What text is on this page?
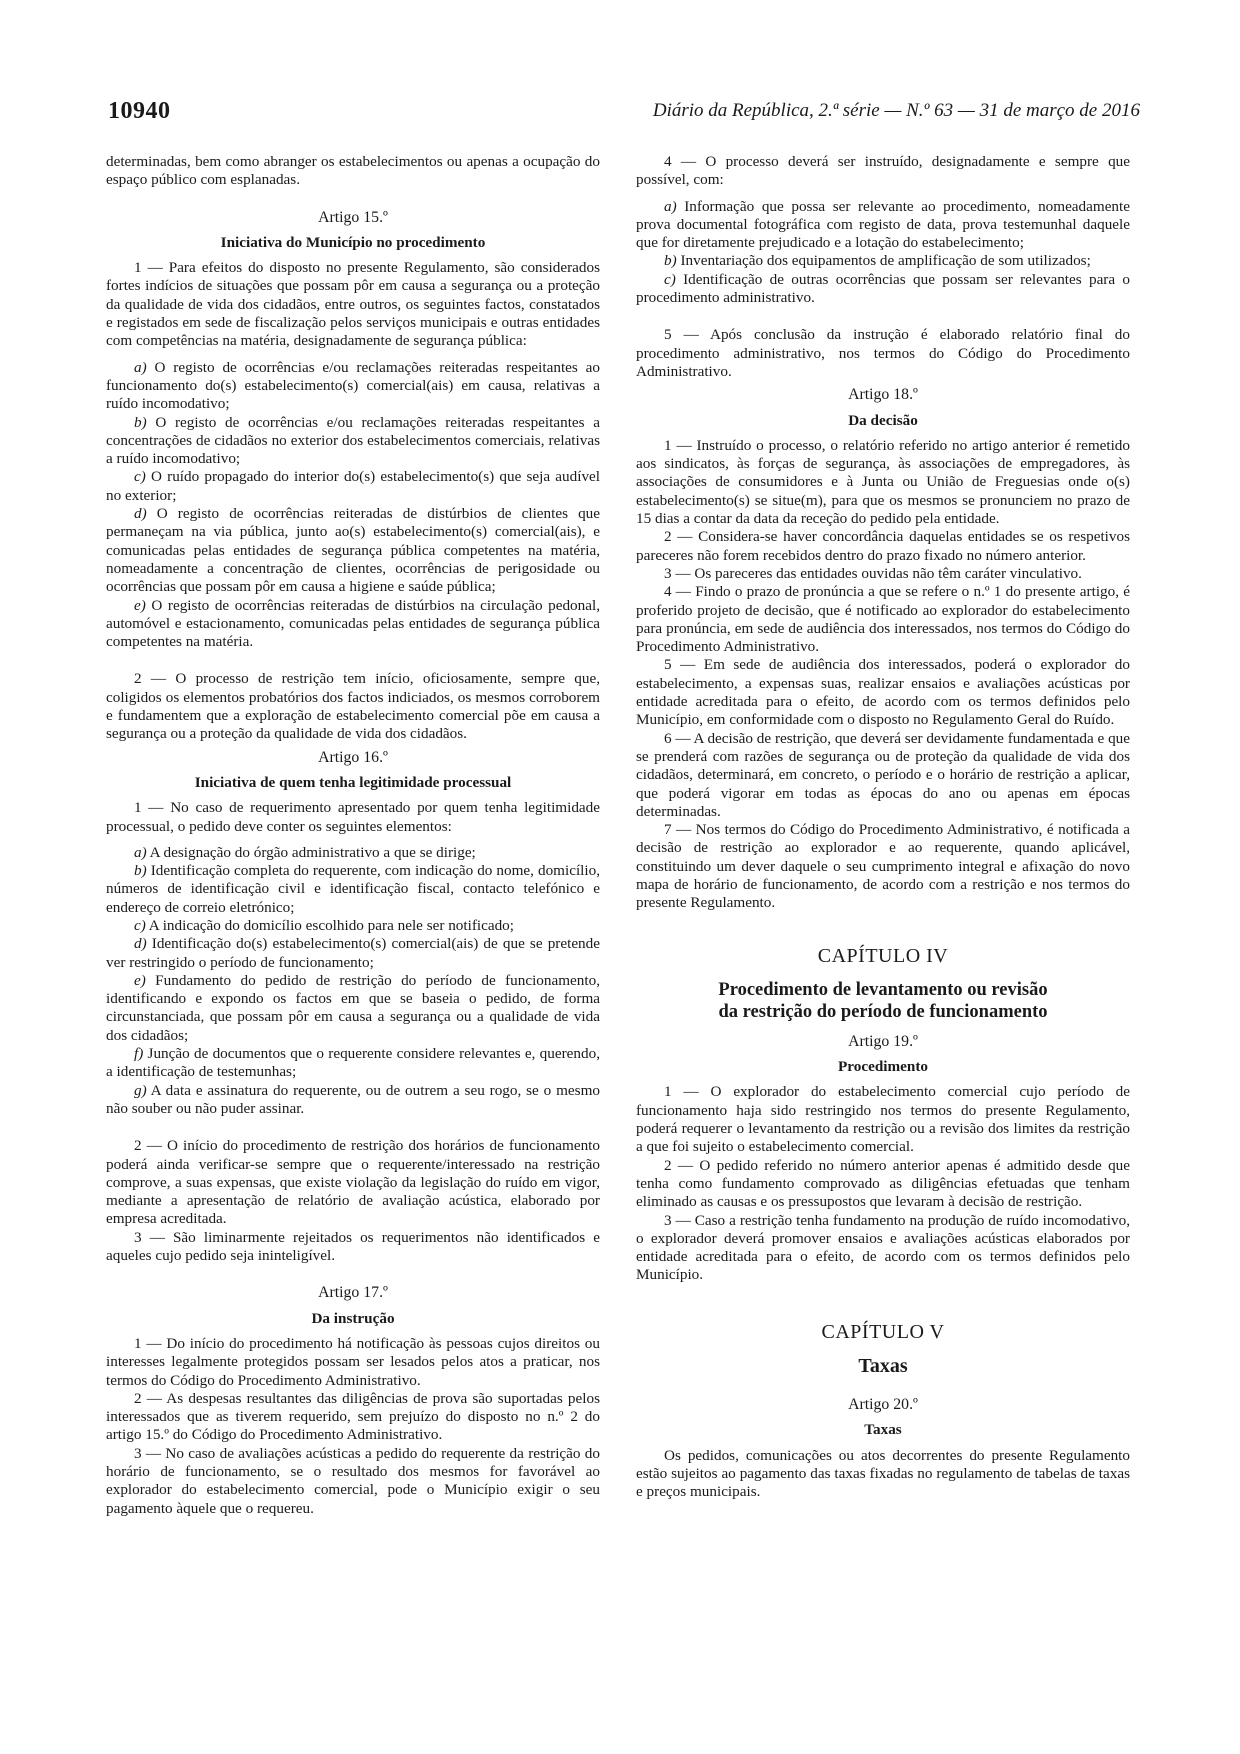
10940	Diário da República, 2.ª série — N.º 63 — 31 de março de 2016

determinadas, bem como abranger os estabelecimentos ou apenas a ocupação do espaço público com esplanadas.

Artigo 15.º

Iniciativa do Município no procedimento

1 — Para efeitos do disposto no presente Regulamento, são considerados fortes indícios de situações que possam pôr em causa a segurança ou a proteção da qualidade de vida dos cidadãos, entre outros, os seguintes factos, constatados e registados em sede de fiscalização pelos serviços municipais e outras entidades com competências na matéria, designadamente de segurança pública:

a) O registo de ocorrências e/ou reclamações reiteradas respeitantes ao funcionamento do(s) estabelecimento(s) comercial(ais) em causa, relativas a ruído incomodativo;

b) O registo de ocorrências e/ou reclamações reiteradas respeitantes a concentrações de cidadãos no exterior dos estabelecimentos comerciais, relativas a ruído incomodativo;

c) O ruído propagado do interior do(s) estabelecimento(s) que seja audível no exterior;

d) O registo de ocorrências reiteradas de distúrbios de clientes que permaneçam na via pública, junto ao(s) estabelecimento(s) comercial(ais), e comunicadas pelas entidades de segurança pública competentes na matéria, nomeadamente a concentração de clientes, ocorrências de perigosidade ou ocorrências que possam pôr em causa a higiene e saúde pública;

e) O registo de ocorrências reiteradas de distúrbios na circulação pedonal, automóvel e estacionamento, comunicadas pelas entidades de segurança pública competentes na matéria.

2 — O processo de restrição tem início, oficiosamente, sempre que, coligidos os elementos probatórios dos factos indiciados, os mesmos corroborem e fundamentem que a exploração de estabelecimento comercial põe em causa a segurança ou a proteção da qualidade de vida dos cidadãos.

Artigo 16.º

Iniciativa de quem tenha legitimidade processual

1 — No caso de requerimento apresentado por quem tenha legitimidade processual, o pedido deve conter os seguintes elementos:

a) A designação do órgão administrativo a que se dirige;

b) Identificação completa do requerente, com indicação do nome, domicílio, números de identificação civil e identificação fiscal, contacto telefónico e endereço de correio eletrónico;

c) A indicação do domicílio escolhido para nele ser notificado;

d) Identificação do(s) estabelecimento(s) comercial(ais) de que se pretende ver restringido o período de funcionamento;

e) Fundamento do pedido de restrição do período de funcionamento, identificando e expondo os factos em que se baseia o pedido, de forma circunstanciada, que possam pôr em causa a segurança ou a qualidade de vida dos cidadãos;

f) Junção de documentos que o requerente considere relevantes e, querendo, a identificação de testemunhas;

g) A data e assinatura do requerente, ou de outrem a seu rogo, se o mesmo não souber ou não puder assinar.

2 — O início do procedimento de restrição dos horários de funcionamento poderá ainda verificar-se sempre que o requerente/interessado na restrição comprove, a suas expensas, que existe violação da legislação do ruído em vigor, mediante a apresentação de relatório de avaliação acústica, elaborado por empresa acreditada.

3 — São liminarmente rejeitados os requerimentos não identificados e aqueles cujo pedido seja ininteligível.

Artigo 17.º

Da instrução

1 — Do início do procedimento há notificação às pessoas cujos direitos ou interesses legalmente protegidos possam ser lesados pelos atos a praticar, nos termos do Código do Procedimento Administrativo.

2 — As despesas resultantes das diligências de prova são suportadas pelos interessados que as tiverem requerido, sem prejuízo do disposto no n.º 2 do artigo 15.º do Código do Procedimento Administrativo.

3 — No caso de avaliações acústicas a pedido do requerente da restrição do horário de funcionamento, se o resultado dos mesmos for favorável ao explorador do estabelecimento comercial, pode o Município exigir o seu pagamento àquele que o requereu.

4 — O processo deverá ser instruído, designadamente e sempre que possível, com:

a) Informação que possa ser relevante ao procedimento, nomeadamente prova documental fotográfica com registo de data, prova testemunhal daquele que for diretamente prejudicado e a lotação do estabelecimento;

b) Inventariação dos equipamentos de amplificação de som utilizados;

c) Identificação de outras ocorrências que possam ser relevantes para o procedimento administrativo.

5 — Após conclusão da instrução é elaborado relatório final do procedimento administrativo, nos termos do Código do Procedimento Administrativo.

Artigo 18.º

Da decisão

1 — Instruído o processo, o relatório referido no artigo anterior é remetido aos sindicatos, às forças de segurança, às associações de empregadores, às associações de consumidores e à Junta ou União de Freguesias onde o(s) estabelecimento(s) se situe(m), para que os mesmos se pronunciem no prazo de 15 dias a contar da data da receção do pedido pela entidade.

2 — Considera-se haver concordância daquelas entidades se os respetivos pareceres não forem recebidos dentro do prazo fixado no número anterior.

3 — Os pareceres das entidades ouvidas não têm caráter vinculativo.

4 — Findo o prazo de pronúncia a que se refere o n.º 1 do presente artigo, é proferido projeto de decisão, que é notificado ao explorador do estabelecimento para pronúncia, em sede de audiência dos interessados, nos termos do Código do Procedimento Administrativo.

5 — Em sede de audiência dos interessados, poderá o explorador do estabelecimento, a expensas suas, realizar ensaios e avaliações acústicas por entidade acreditada para o efeito, de acordo com os termos definidos pelo Município, em conformidade com o disposto no Regulamento Geral do Ruído.

6 — A decisão de restrição, que deverá ser devidamente fundamentada e que se prenderá com razões de segurança ou de proteção da qualidade de vida dos cidadãos, determinará, em concreto, o período e o horário de restrição a aplicar, que poderá vigorar em todas as épocas do ano ou apenas em épocas determinadas.

7 — Nos termos do Código do Procedimento Administrativo, é notificada a decisão de restrição ao explorador e ao requerente, quando aplicável, constituindo um dever daquele o seu cumprimento integral e afixação do novo mapa de horário de funcionamento, de acordo com a restrição e nos termos do presente Regulamento.

CAPÍTULO IV

Procedimento de levantamento ou revisão
da restrição do período de funcionamento

Artigo 19.º

Procedimento

1 — O explorador do estabelecimento comercial cujo período de funcionamento haja sido restringido nos termos do presente Regulamento, poderá requerer o levantamento da restrição ou a revisão dos limites da restrição a que foi sujeito o estabelecimento comercial.

2 — O pedido referido no número anterior apenas é admitido desde que tenha como fundamento comprovado as diligências efetuadas que tenham eliminado as causas e os pressupostos que levaram à decisão de restrição.

3 — Caso a restrição tenha fundamento na produção de ruído incomodativo, o explorador deverá promover ensaios e avaliações acústicas elaborados por entidade acreditada para o efeito, de acordo com os termos definidos pelo Município.

CAPÍTULO V

Taxas

Artigo 20.º

Taxas

Os pedidos, comunicações ou atos decorrentes do presente Regulamento estão sujeitos ao pagamento das taxas fixadas no regulamento de tabelas de taxas e preços municipais.
